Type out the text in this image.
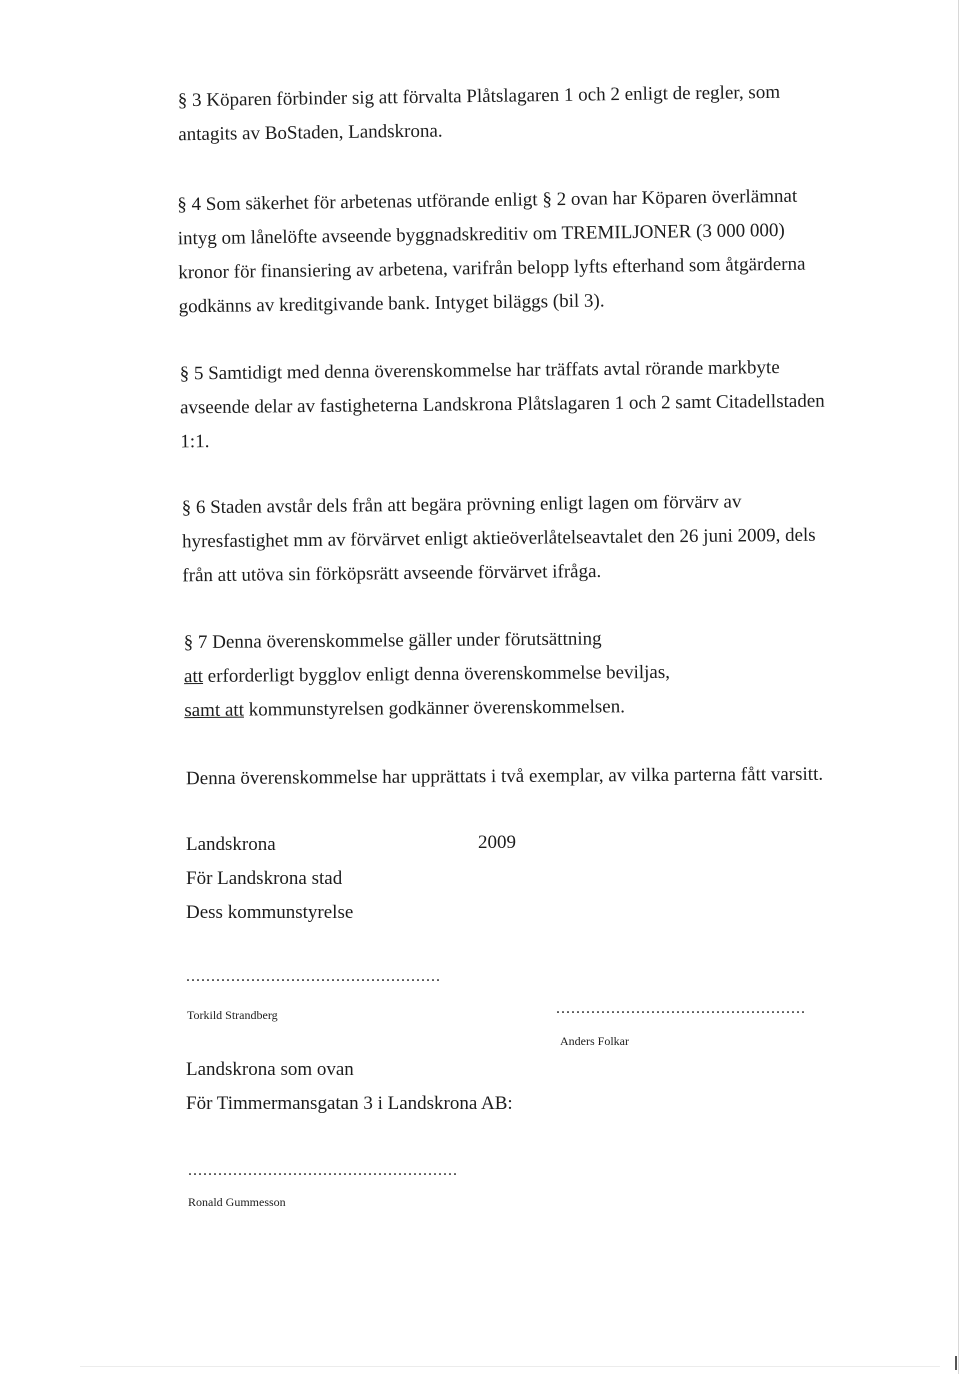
§ 3 Köparen förbinder sig att förvalta Plåtslagaren 1 och 2 enligt de regler, som
antagits av BoStaden, Landskrona.

§ 4 Som säkerhet för arbetenas utförande enligt § 2 ovan har Köparen överlämnat
intyg om lånelöfte avseende byggnadskreditiv om TREMILJONER (3 000 000)
kronor för finansiering av arbetena, varifrån belopp lyfts efterhand som åtgärderna
godkänns av kreditgivande bank. Intyget biläggs (bil 3).

§ 5 Samtidigt med denna överenskommelse har träffats avtal rörande markbyte
avseende delar av fastigheterna Landskrona Plåtslagaren 1 och 2 samt Citadellstaden
1:1.

§ 6 Staden avstår dels från att begära prövning enligt lagen om förvärv av
hyresfastighet mm av förvärvet enligt aktieöverlåtelseavtalet den 26 juni 2009, dels
från att utöva sin förköpsrätt avseende förvärvet ifråga.

§ 7 Denna överenskommelse gäller under förutsättning
att erforderligt bygglov enligt denna överenskommelse beviljas,
samt att kommunstyrelsen godkänner överenskommelsen.

Denna överenskommelse har upprättats i två exemplar, av vilka parterna fått varsitt.

Landskrona
För Landskrona stad
Dess kommunstyrelse
2009
...................................................
Torkild Strandberg	..................................................
Anders Folkar
Landskrona som ovan
För Timmermansgatan 3 i Landskrona AB:
......................................................
Ronald Gummesson
